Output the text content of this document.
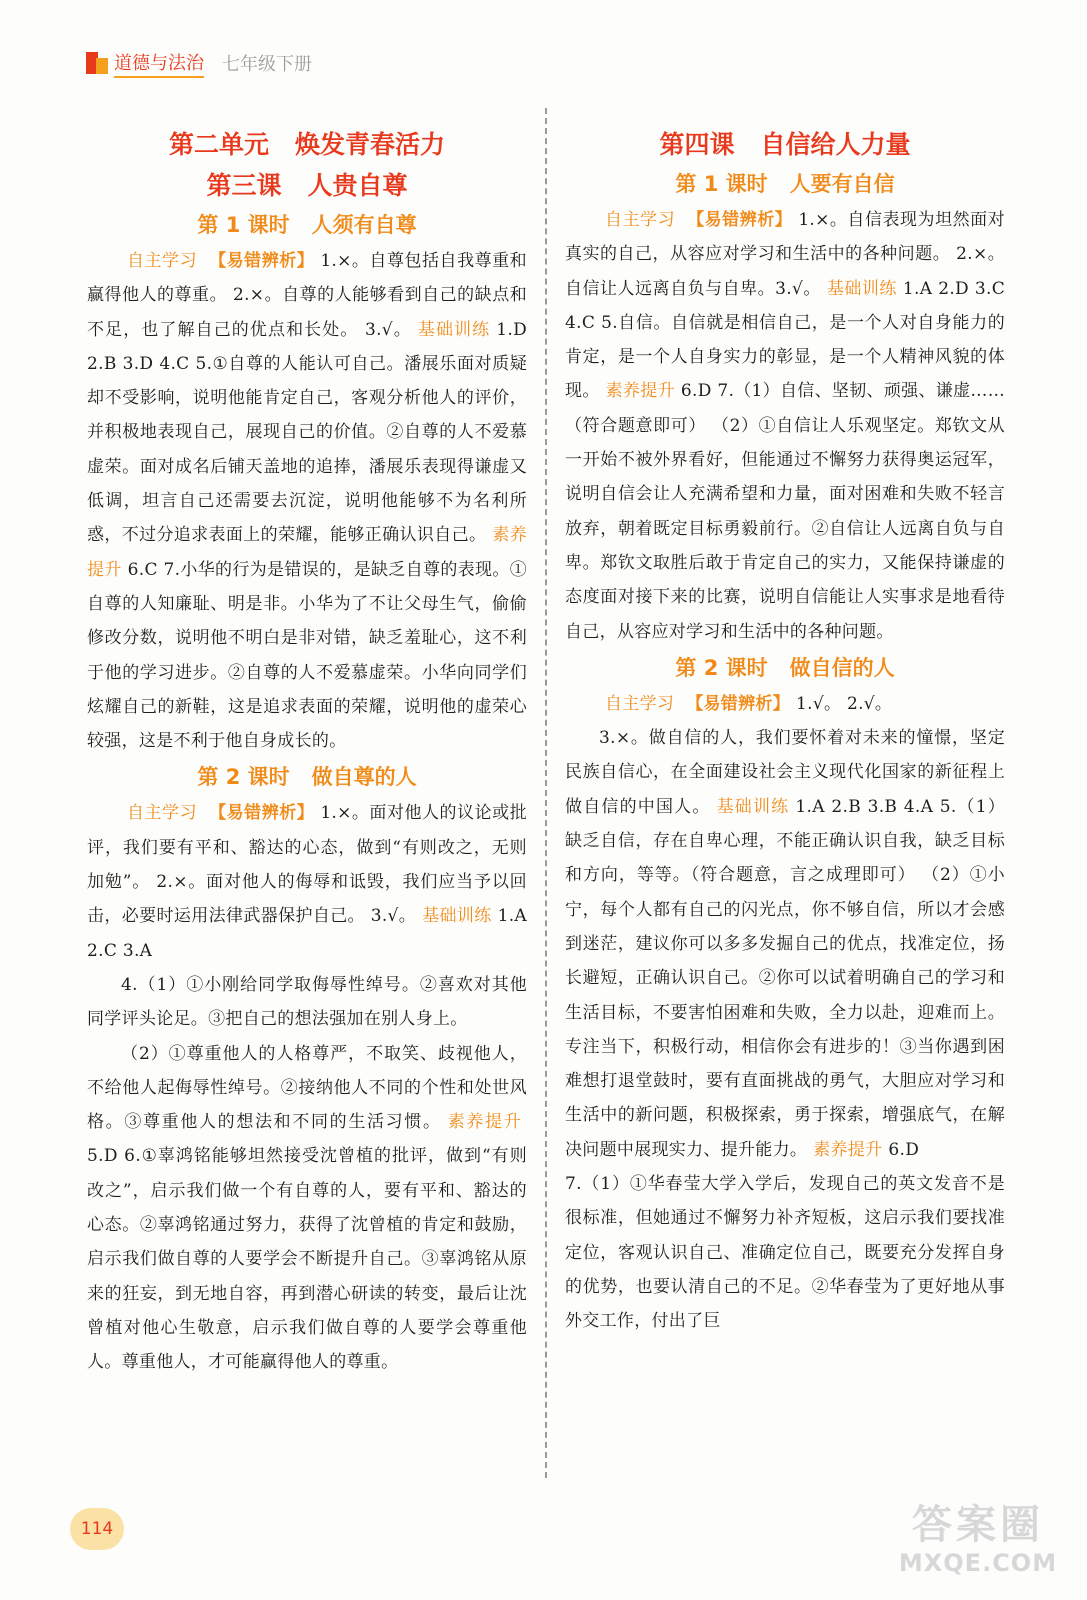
道德与法治 七年级下册
第二单元   焕发青春活力
第三课   人贵自尊
第 1 课时   人须有自尊

自主学习 【易错辨析】 1.×。自尊包括自我尊重和赢得他人的尊重。 2.×。自尊的人能够看到自己的缺点和不足，也了解自己的优点和长处。 3.√。 基础训练 1.D 2.B 3.D 4.C 5.①自尊的人能认可自己。潘展乐面对质疑却不受影响，说明他能肯定自己，客观分析他人的评价，并积极地表现自己，展现自己的价值。②自尊的人不爱慕虚荣。面对成名后铺天盖地的追捧，潘展乐表现得谦虚又低调，坦言自己还需要去沉淀，说明他能够不为名利所惑，不过分追求表面上的荣耀，能够正确认识自己。 素养提升 6.C 7.小华的行为是错误的，是缺乏自尊的表现。①自尊的人知廉耻、明是非。小华为了不让父母生气，偷偷修改分数，说明他不明白是非对错，缺乏羞耻心，这不利于他的学习进步。②自尊的人不爱慕虚荣。小华向同学们炫耀自己的新鞋，这是追求表面的荣耀，说明他的虚荣心较强，这是不利于他自身成长的。

第 2 课时   做自尊的人

自主学习 【易错辨析】 1.×。面对他人的议论或批评，我们要有平和、豁达的心态，做到“有则改之，无则加勉”。 2.×。面对他人的侮辱和诋毁，我们应当予以回击，必要时运用法律武器保护自己。 3.√。 基础训练 1.A 2.C 3.A

4.（1）①小刚给同学取侮辱性绰号。②喜欢对其他同学评头论足。③把自己的想法强加在别人身上。

（2）①尊重他人的人格尊严，不取笑、歧视他人，不给他人起侮辱性绰号。②接纳他人不同的个性和处世风格。③尊重他人的想法和不同的生活习惯。 素养提升5.D 6.①辜鸿铭能够坦然接受沈曾植的批评，做到“有则改之”，启示我们做一个有自尊的人，要有平和、豁达的心态。②辜鸿铭通过努力，获得了沈曾植的肯定和鼓励，启示我们做自尊的人要学会不断提升自己。③辜鸿铭从原来的狂妄，到无地自容，再到潜心研读的转变，最后让沈曾植对他心生敬意，启示我们做自尊的人要学会尊重他人。尊重他人，才可能赢得他人的尊重。

第四课   自信给人力量
第 1 课时   人要有自信

自主学习 【易错辨析】 1.×。自信表现为坦然面对真实的自己，从容应对学习和生活中的各种问题。 2.×。自信让人远离自负与自卑。3.√。 基础训练 1.A 2.D 3.C 4.C 5.自信。自信就是相信自己，是一个人对自身能力的肯定，是一个人自身实力的彰显，是一个人精神风貌的体现。 素养提升 6.D 7.（1）自信、坚韧、顽强、谦虚……（符合题意即可） （2）①自信让人乐观坚定。郑钦文从一开始不被外界看好，但能通过不懈努力获得奥运冠军，说明自信会让人充满希望和力量，面对困难和失败不轻言放弃，朝着既定目标勇毅前行。②自信让人远离自负与自卑。郑钦文取胜后敢于肯定自己的实力，又能保持谦虚的态度面对接下来的比赛，说明自信能让人实事求是地看待自己，从容应对学习和生活中的各种问题。

第 2 课时   做自信的人

自主学习 【易错辨析】 1.√。 2.√。

3.×。做自信的人，我们要怀着对未来的憧憬，坚定民族自信心，在全面建设社会主义现代化国家的新征程上做自信的中国人。 基础训练 1.A 2.B 3.B 4.A 5.（1）缺乏自信，存在自卑心理，不能正确认识自我，缺乏目标和方向，等等。（符合题意，言之成理即可） （2）①小宁，每个人都有自己的闪光点，你不够自信，所以才会感到迷茫，建议你可以多多发掘自己的优点，找准定位，扬长避短，正确认识自己。②你可以试着明确自己的学习和生活目标，不要害怕困难和失败，全力以赴，迎难而上。专注当下，积极行动，相信你会有进步的！③当你遇到困难想打退堂鼓时，要有直面挑战的勇气，大胆应对学习和生活中的新问题，积极探索，勇于探索，增强底气，在解决问题中展现实力、提升能力。 素养提升 6.D

7.（1）①华春莹大学入学后，发现自己的英文发音不是很标准，但她通过不懈努力补齐短板，这启示我们要找准定位，客观认识自己、准确定位自己，既要充分发挥自身的优势，也要认清自己的不足。②华春莹为了更好地从事外交工作，付出了巨

114	答案圈
MXQE.COM
